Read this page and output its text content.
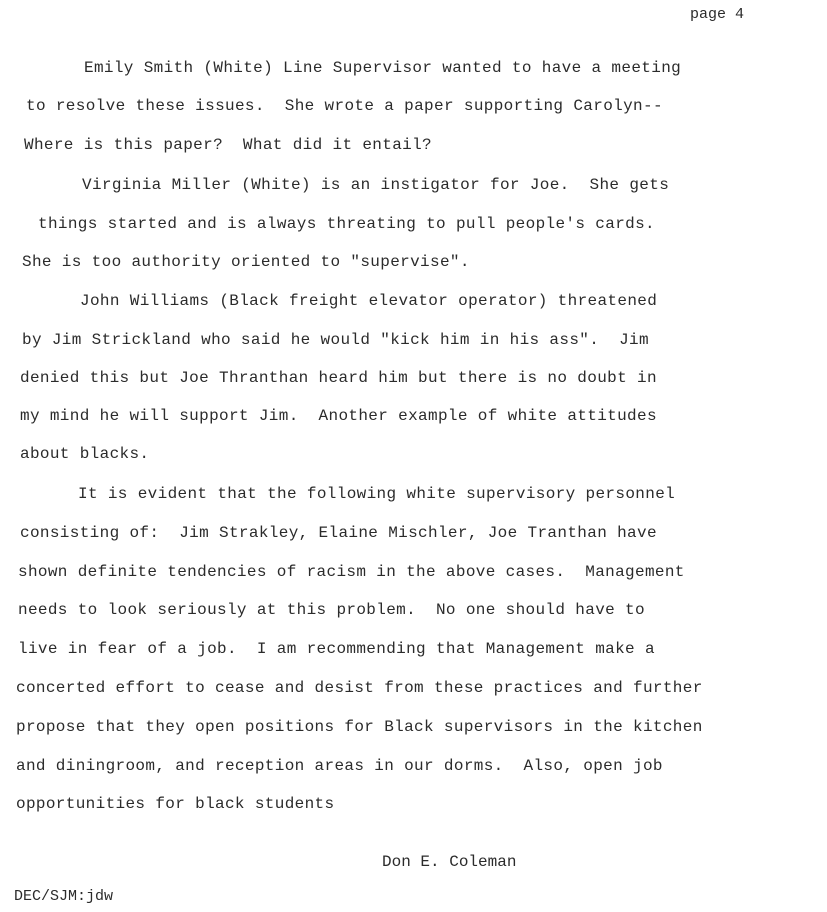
page 4
Emily Smith (White) Line Supervisor wanted to have a meeting
to resolve these issues.  She wrote a paper supporting Carolyn--
Where is this paper?  What did it entail?
Virginia Miller (White) is an instigator for Joe.  She gets
things started and is always threating to pull people's cards.
She is too authority oriented to "supervise".
John Williams (Black freight elevator operator) threatened
by Jim Strickland who said he would "kick him in his ass".  Jim
denied this but Joe Thranthan heard him but there is no doubt in
my mind he will support Jim.  Another example of white attitudes
about blacks.
It is evident that the following white supervisory personnel
consisting of:  Jim Strakley, Elaine Mischler, Joe Tranthan have
shown definite tendencies of racism in the above cases.  Management
needs to look seriously at this problem.  No one should have to
live in fear of a job.  I am recommending that Management make a
concerted effort to cease and desist from these practices and further
propose that they open positions for Black supervisors in the kitchen
and diningroom, and reception areas in our dorms.  Also, open job
opportunities for black students
Don E. Coleman
DEC/SJM:jdw
